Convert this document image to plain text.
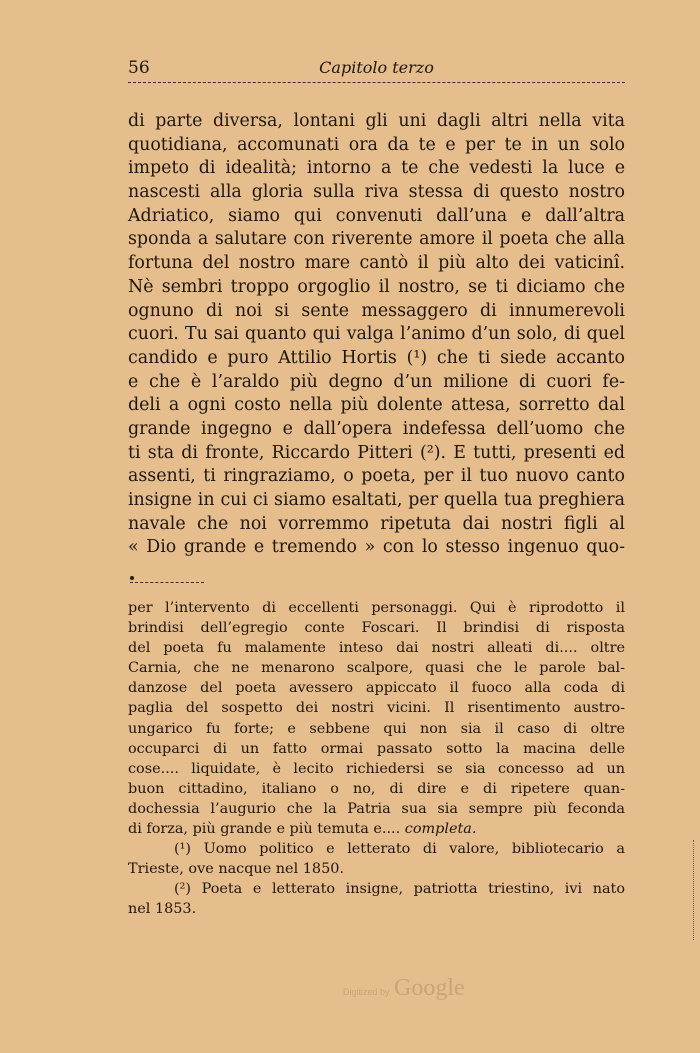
56	Capitolo terzo
di parte diversa, lontani gli uni dagli altri nella vita
quotidiana, accomunati ora da te e per te in un solo
impeto di idealità; intorno a te che vedesti la luce e
nascesti alla gloria sulla riva stessa di questo nostro
Adriatico, siamo qui convenuti dall’una e dall’altra
sponda a salutare con riverente amore il poeta che alla
fortuna del nostro mare cantò il più alto dei vaticinî.
Nè sembri troppo orgoglio il nostro, se ti diciamo che
ognuno di noi si sente messaggero di innumerevoli
cuori. Tu sai quanto qui valga l’animo d’un solo, di quel
candido e puro Attilio Hortis (¹) che ti siede accanto
e che è l’araldo più degno d’un milione di cuori fe-
deli a ogni costo nella più dolente attesa, sorretto dal
grande ingegno e dall’opera indefessa dell’uomo che
ti sta di fronte, Riccardo Pitteri (²). E tutti, presenti ed
assenti, ti ringraziamo, o poeta, per il tuo nuovo canto
insigne in cui ci siamo esaltati, per quella tua preghiera
navale che noi vorremmo ripetuta dai nostri figli al
« Dio grande e tremendo » con lo stesso ingenuo quo-
per l’intervento di eccellenti personaggi. Qui è riprodotto il
brindisi dell’egregio conte Foscari. Il brindisi di risposta
del poeta fu malamente inteso dai nostri alleati di.... oltre
Carnia, che ne menarono scalpore, quasi che le parole bal-
danzose del poeta avessero appiccato il fuoco alla coda di
paglia del sospetto dei nostri vicini. Il risentimento austro-
ungarico fu forte; e sebbene qui non sia il caso di oltre
occuparci di un fatto ormai passato sotto la macina delle
cose.... liquidate, è lecito richiedersi se sia concesso ad un
buon cittadino, italiano o no, di dire e di ripetere quan-
dochessia l’augurio che la Patria sua sia sempre più feconda
di forza, più grande e più temuta e.... completa.
(¹) Uomo politico e letterato di valore, bibliotecario a
Trieste, ove nacque nel 1850.
(²) Poeta e letterato insigne, patriotta triestino, ivi nato
nel 1853.
Digitized by Google
